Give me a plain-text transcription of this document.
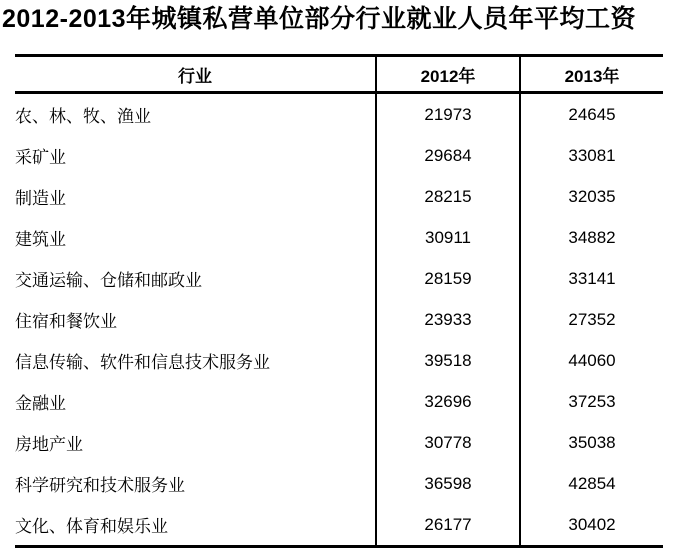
2012-2013年城镇私营单位部分行业就业人员年平均工资
行业	2012年	2013年
农、林、牧、渔业	21973	24645
采矿业	29684	33081
制造业	28215	32035
建筑业	30911	34882
交通运输、仓储和邮政业	28159	33141
住宿和餐饮业	23933	27352
信息传输、软件和信息技术服务业	39518	44060
金融业	32696	37253
房地产业	30778	35038
科学研究和技术服务业	36598	42854
文化、体育和娱乐业	26177	30402
